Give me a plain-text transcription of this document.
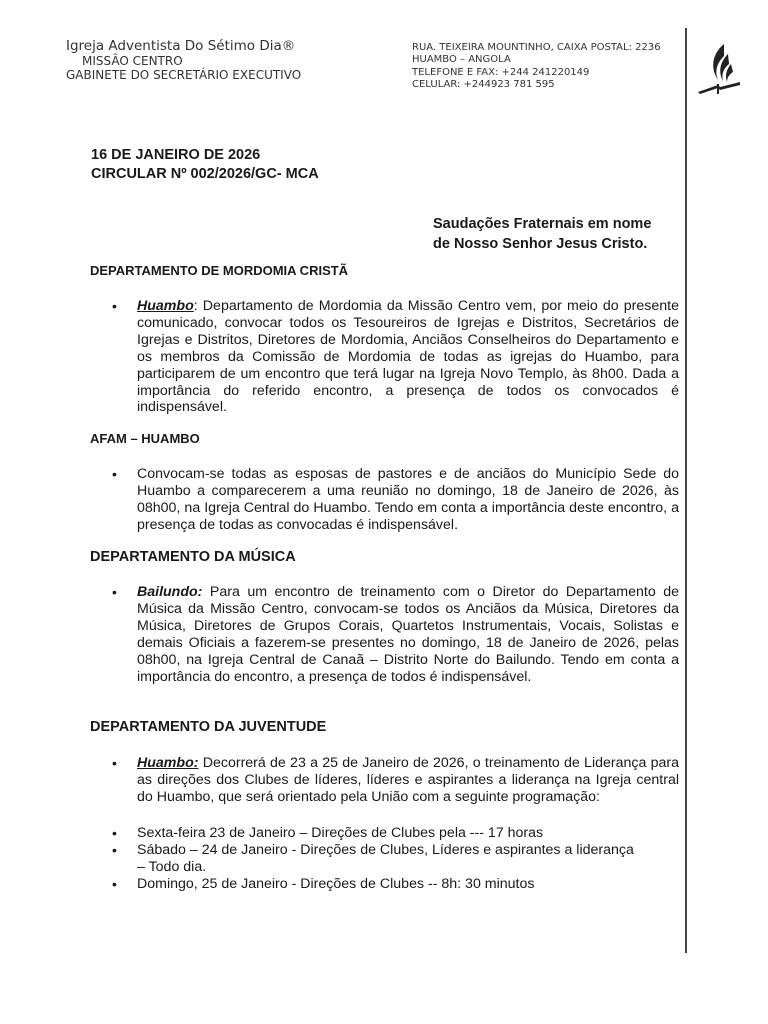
Igreja Adventista Do Sétimo Dia®
MISSÃO CENTRO
GABINETE DO SECRETÁRIO EXECUTIVO
RUA. TEIXEIRA MOUNTINHO, CAIXA POSTAL: 2236
HUAMBO – ANGOLA
TELEFONE E FAX: +244 241220149
CELULAR: +244923 781 595
16 DE JANEIRO DE 2026
CIRCULAR Nº 002/2026/GC- MCA
Saudações Fraternais em nome
de Nosso Senhor Jesus Cristo.
DEPARTAMENTO DE MORDOMIA CRISTÃ
• Huambo: Departamento de Mordomia da Missão Centro vem, por meio do presente comunicado, convocar todos os Tesoureiros de Igrejas e Distritos, Secretários de Igrejas e Distritos, Diretores de Mordomia, Anciãos Conselheiros do Departamento e os membros da Comissão de Mordomia de todas as igrejas do Huambo, para participarem de um encontro que terá lugar na Igreja Novo Templo, às 8h00. Dada a importância do referido encontro, a presença de todos os convocados é indispensável.
AFAM – HUAMBO
• Convocam-se todas as esposas de pastores e de anciãos do Município Sede do Huambo a comparecerem a uma reunião no domingo, 18 de Janeiro de 2026, às 08h00, na Igreja Central do Huambo. Tendo em conta a importância deste encontro, a presença de todas as convocadas é indispensável.
DEPARTAMENTO DA MÚSICA
• Bailundo: Para um encontro de treinamento com o Diretor do Departamento de Música da Missão Centro, convocam-se todos os Anciãos da Música, Diretores da Música, Diretores de Grupos Corais, Quartetos Instrumentais, Vocais, Solistas e demais Oficiais a fazerem-se presentes no domingo, 18 de Janeiro de 2026, pelas 08h00, na Igreja Central de Canaã – Distrito Norte do Bailundo. Tendo em conta a importância do encontro, a presença de todos é indispensável.
DEPARTAMENTO DA JUVENTUDE
• Huambo: Decorrerá de 23 a 25 de Janeiro de 2026, o treinamento de Liderança para as direções dos Clubes de líderes, líderes e aspirantes a liderança na Igreja central do Huambo, que será orientado pela União com a seguinte programação:
• Sexta-feira 23 de Janeiro – Direções de Clubes pela --- 17 horas
• Sábado – 24 de Janeiro - Direções de Clubes, Líderes e aspirantes a liderança
– Todo dia.
• Domingo, 25 de Janeiro - Direções de Clubes -- 8h: 30 minutos
